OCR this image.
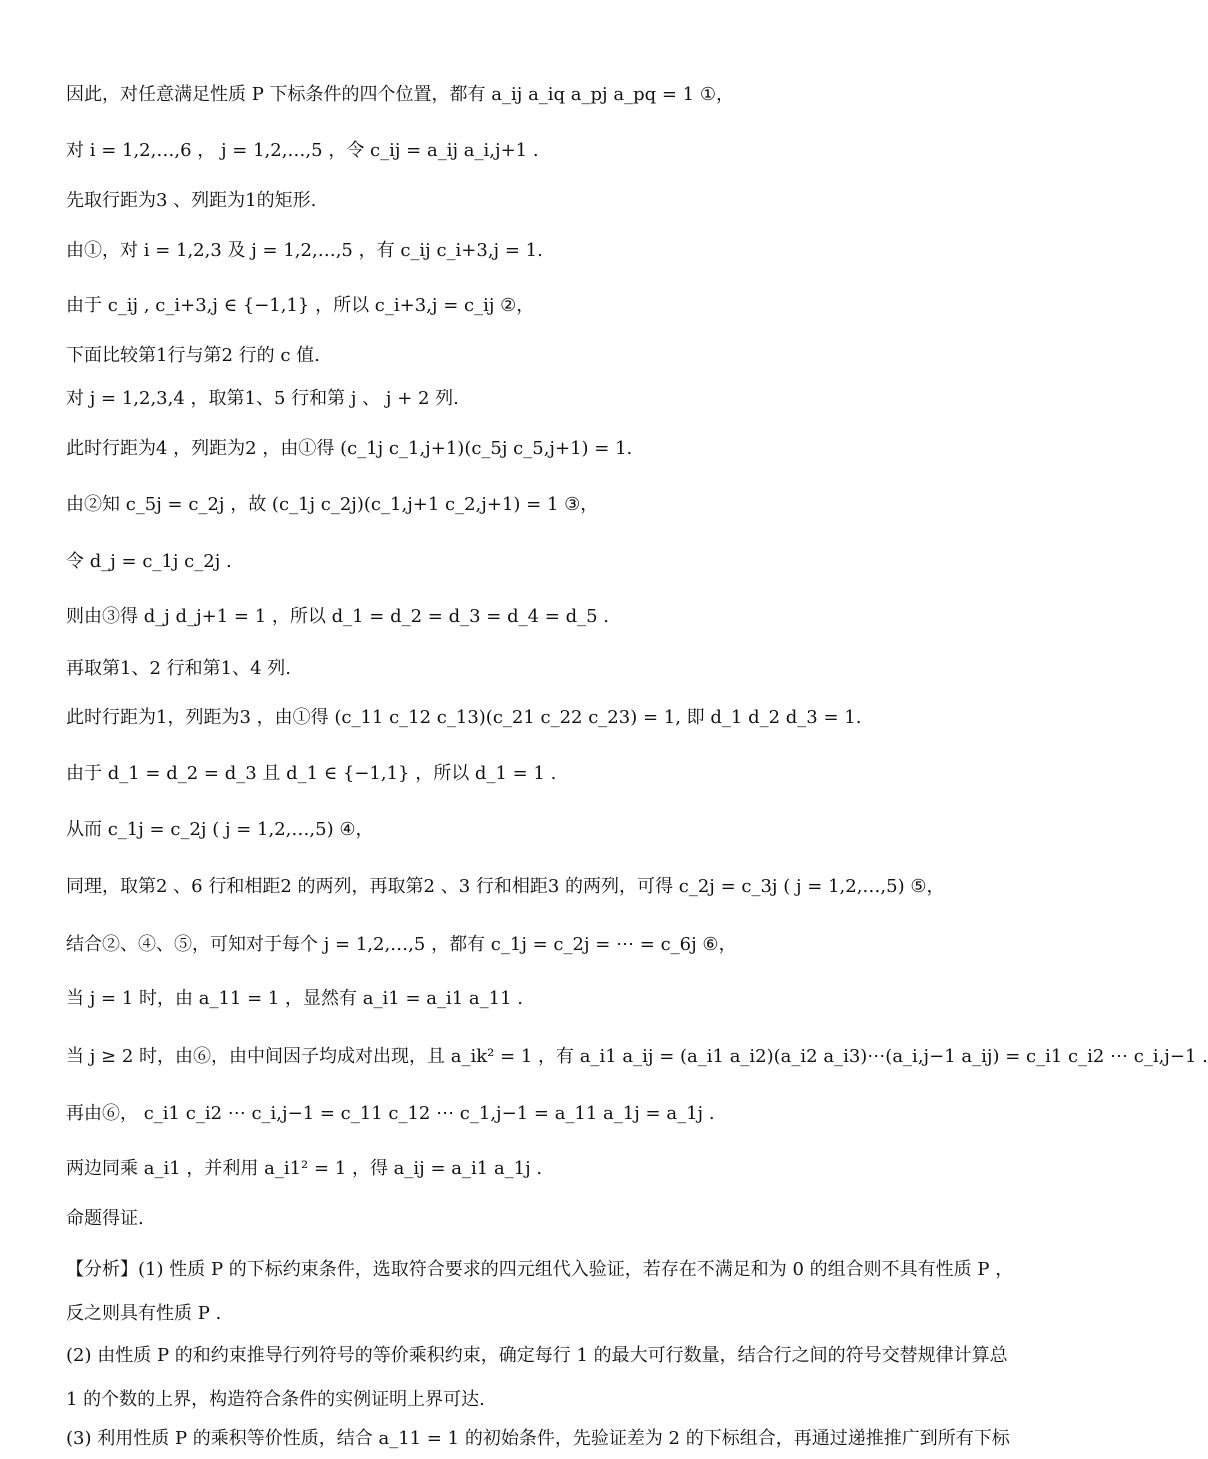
因此，对任意满足性质 P 下标条件的四个位置，都有 a_ij a_iq a_pj a_pq = 1 ①，
对 i = 1,2,…,6 ， j = 1,2,…,5 ，令 c_ij = a_ij a_i,j+1 .
先取行距为3 、列距为1的矩形.
由①，对 i = 1,2,3 及 j = 1,2,…,5 ，有 c_ij c_i+3,j = 1.
由于 c_ij , c_i+3,j ∈ {−1,1} ，所以 c_i+3,j = c_ij ②，
下面比较第1行与第2 行的 c 值.
对 j = 1,2,3,4 ，取第1、5 行和第 j 、 j + 2 列.
此时行距为4 ，列距为2 ，由①得 (c_1j c_1,j+1)(c_5j c_5,j+1) = 1.
由②知 c_5j = c_2j ，故 (c_1j c_2j)(c_1,j+1 c_2,j+1) = 1 ③，
令 d_j = c_1j c_2j .
则由③得 d_j d_j+1 = 1 ，所以 d_1 = d_2 = d_3 = d_4 = d_5 .
再取第1、2 行和第1、4 列.
此时行距为1，列距为3 ，由①得 (c_11 c_12 c_13)(c_21 c_22 c_23) = 1, 即 d_1 d_2 d_3 = 1.
由于 d_1 = d_2 = d_3 且 d_1 ∈ {−1,1} ，所以 d_1 = 1 .
从而 c_1j = c_2j ( j = 1,2,…,5) ④，
同理，取第2 、6 行和相距2 的两列，再取第2 、3 行和相距3 的两列，可得 c_2j = c_3j ( j = 1,2,…,5) ⑤，
结合②、④、⑤，可知对于每个 j = 1,2,…,5 ，都有 c_1j = c_2j = ⋯ = c_6j ⑥，
当 j = 1 时，由 a_11 = 1 ，显然有 a_i1 = a_i1 a_11 .
当 j ≥ 2 时，由⑥，由中间因子均成对出现，且 a_ik² = 1 ，有 a_i1 a_ij = (a_i1 a_i2)(a_i2 a_i3)⋯(a_i,j−1 a_ij) = c_i1 c_i2 ⋯ c_i,j−1 .
再由⑥， c_i1 c_i2 ⋯ c_i,j−1 = c_11 c_12 ⋯ c_1,j−1 = a_11 a_1j = a_1j .
两边同乘 a_i1 ，并利用 a_i1² = 1 ，得 a_ij = a_i1 a_1j .
命题得证.
【分析】(1) 性质 P 的下标约束条件，选取符合要求的四元组代入验证，若存在不满足和为 0 的组合则不具有性质 P ，反之则具有性质 P .
(2) 由性质 P 的和约束推导行列符号的等价乘积约束，确定每行 1 的最大可行数量，结合行之间的符号交替规律计算总 1 的个数的上界，构造符合条件的实例证明上界可达.
(3) 利用性质 P 的乘积等价性质，结合 a_11 = 1 的初始条件，先验证差为 2 的下标组合，再通过递推推广到所有下标
